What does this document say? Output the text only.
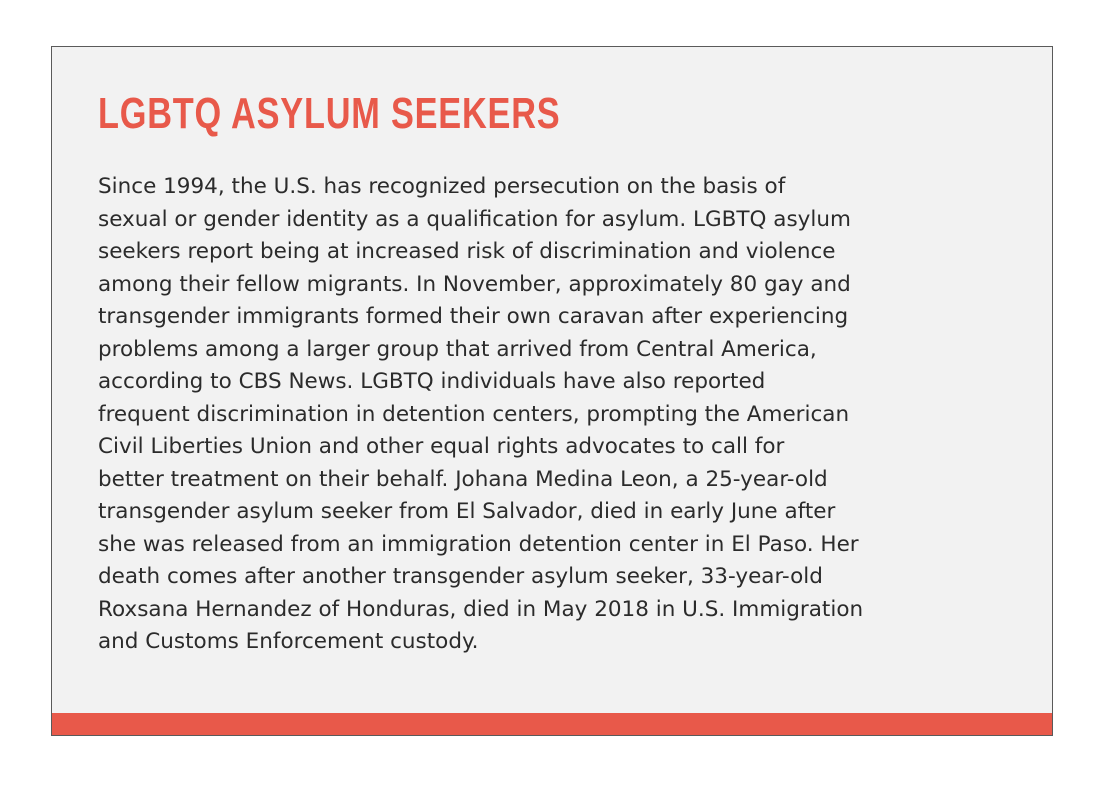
LGBTQ ASYLUM SEEKERS

Since 1994, the U.S. has recognized persecution on the basis of
sexual or gender identity as a qualification for asylum. LGBTQ asylum
seekers report being at increased risk of discrimination and violence
among their fellow migrants. In November, approximately 80 gay and
transgender immigrants formed their own caravan after experiencing
problems among a larger group that arrived from Central America,
according to CBS News. LGBTQ individuals have also reported
frequent discrimination in detention centers, prompting the American
Civil Liberties Union and other equal rights advocates to call for
better treatment on their behalf. Johana Medina Leon, a 25-year-old
transgender asylum seeker from El Salvador, died in early June after
she was released from an immigration detention center in El Paso. Her
death comes after another transgender asylum seeker, 33-year-old
Roxsana Hernandez of Honduras, died in May 2018 in U.S. Immigration
and Customs Enforcement custody.
